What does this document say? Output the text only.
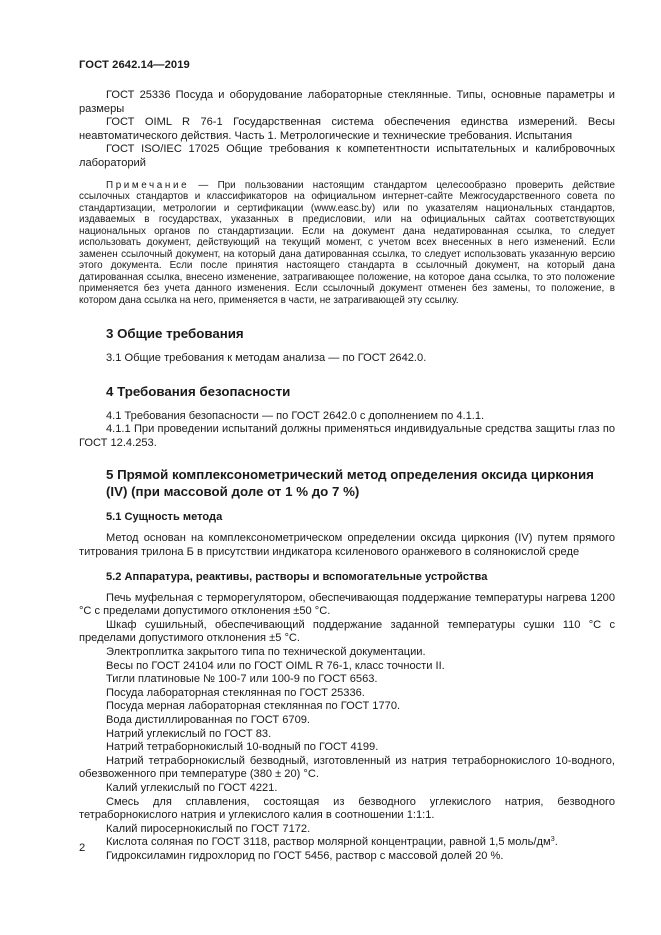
ГОСТ 2642.14—2019

ГОСТ 25336 Посуда и оборудование лабораторные стеклянные. Типы, основные параметры и размеры

ГОСТ OIML R 76-1 Государственная система обеспечения единства измерений. Весы неавтоматического действия. Часть 1. Метрологические и технические требования. Испытания

ГОСТ ISO/IEC 17025 Общие требования к компетентности испытательных и калибровочных лабораторий

Примечание — При пользовании настоящим стандартом целесообразно проверить действие ссылочных стандартов и классификаторов на официальном интернет-сайте Межгосударственного совета по стандартизации, метрологии и сертификации (www.easc.by) или по указателям национальных стандартов, издаваемых в государствах, указанных в предисловии, или на официальных сайтах соответствующих национальных органов по стандартизации. Если на документ дана недатированная ссылка, то следует использовать документ, действующий на текущий момент, с учетом всех внесенных в него изменений. Если заменен ссылочный документ, на который дана датированная ссылка, то следует использовать указанную версию этого документа. Если после принятия настоящего стандарта в ссылочный документ, на который дана датированная ссылка, внесено изменение, затрагивающее положение, на которое дана ссылка, то это положение применяется без учета данного изменения. Если ссылочный документ отменен без замены, то положение, в котором дана ссылка на него, применяется в части, не затрагивающей эту ссылку.

3 Общие требования

3.1 Общие требования к методам анализа — по ГОСТ 2642.0.

4 Требования безопасности

4.1 Требования безопасности — по ГОСТ 2642.0 с дополнением по 4.1.1.

4.1.1 При проведении испытаний должны применяться индивидуальные средства защиты глаз по ГОСТ 12.4.253.

5 Прямой комплексонометрический метод определения оксида циркония (IV) (при массовой доле от 1 % до 7 %)
5.1 Сущность метода

Метод основан на комплексонометрическом определении оксида циркония (IV) путем прямого титрования трилона Б в присутствии индикатора ксиленового оранжевого в солянокислой среде

5.2 Аппаратура, реактивы, растворы и вспомогательные устройства

Печь муфельная с терморегулятором, обеспечивающая поддержание температуры нагрева 1200 °С с пределами допустимого отклонения ±50 °С.

Шкаф сушильный, обеспечивающий поддержание заданной температуры сушки 110 °С с пределами допустимого отклонения ±5 °С.

Электроплитка закрытого типа по технической документации.

Весы по ГОСТ 24104 или по ГОСТ OIML R 76-1, класс точности II.

Тигли платиновые № 100-7 или 100-9 по ГОСТ 6563.

Посуда лабораторная стеклянная по ГОСТ 25336.

Посуда мерная лабораторная стеклянная по ГОСТ 1770.

Вода дистиллированная по ГОСТ 6709.

Натрий углекислый по ГОСТ 83.

Натрий тетраборнокислый 10-водный по ГОСТ 4199.

Натрий тетраборнокислый безводный, изготовленный из натрия тетраборнокислого 10-водного, обезвоженного при температуре (380 ± 20) °С.

Калий углекислый по ГОСТ 4221.

Смесь для сплавления, состоящая из безводного углекислого натрия, безводного тетраборнокислого натрия и углекислого калия в соотношении 1:1:1.

Калий пиросернокислый по ГОСТ 7172.

Кислота соляная по ГОСТ 3118, раствор молярной концентрации, равной 1,5 моль/$дм^3$.

Гидроксиламин гидрохлорид по ГОСТ 5456, раствор с массовой долей 20 %.

2
